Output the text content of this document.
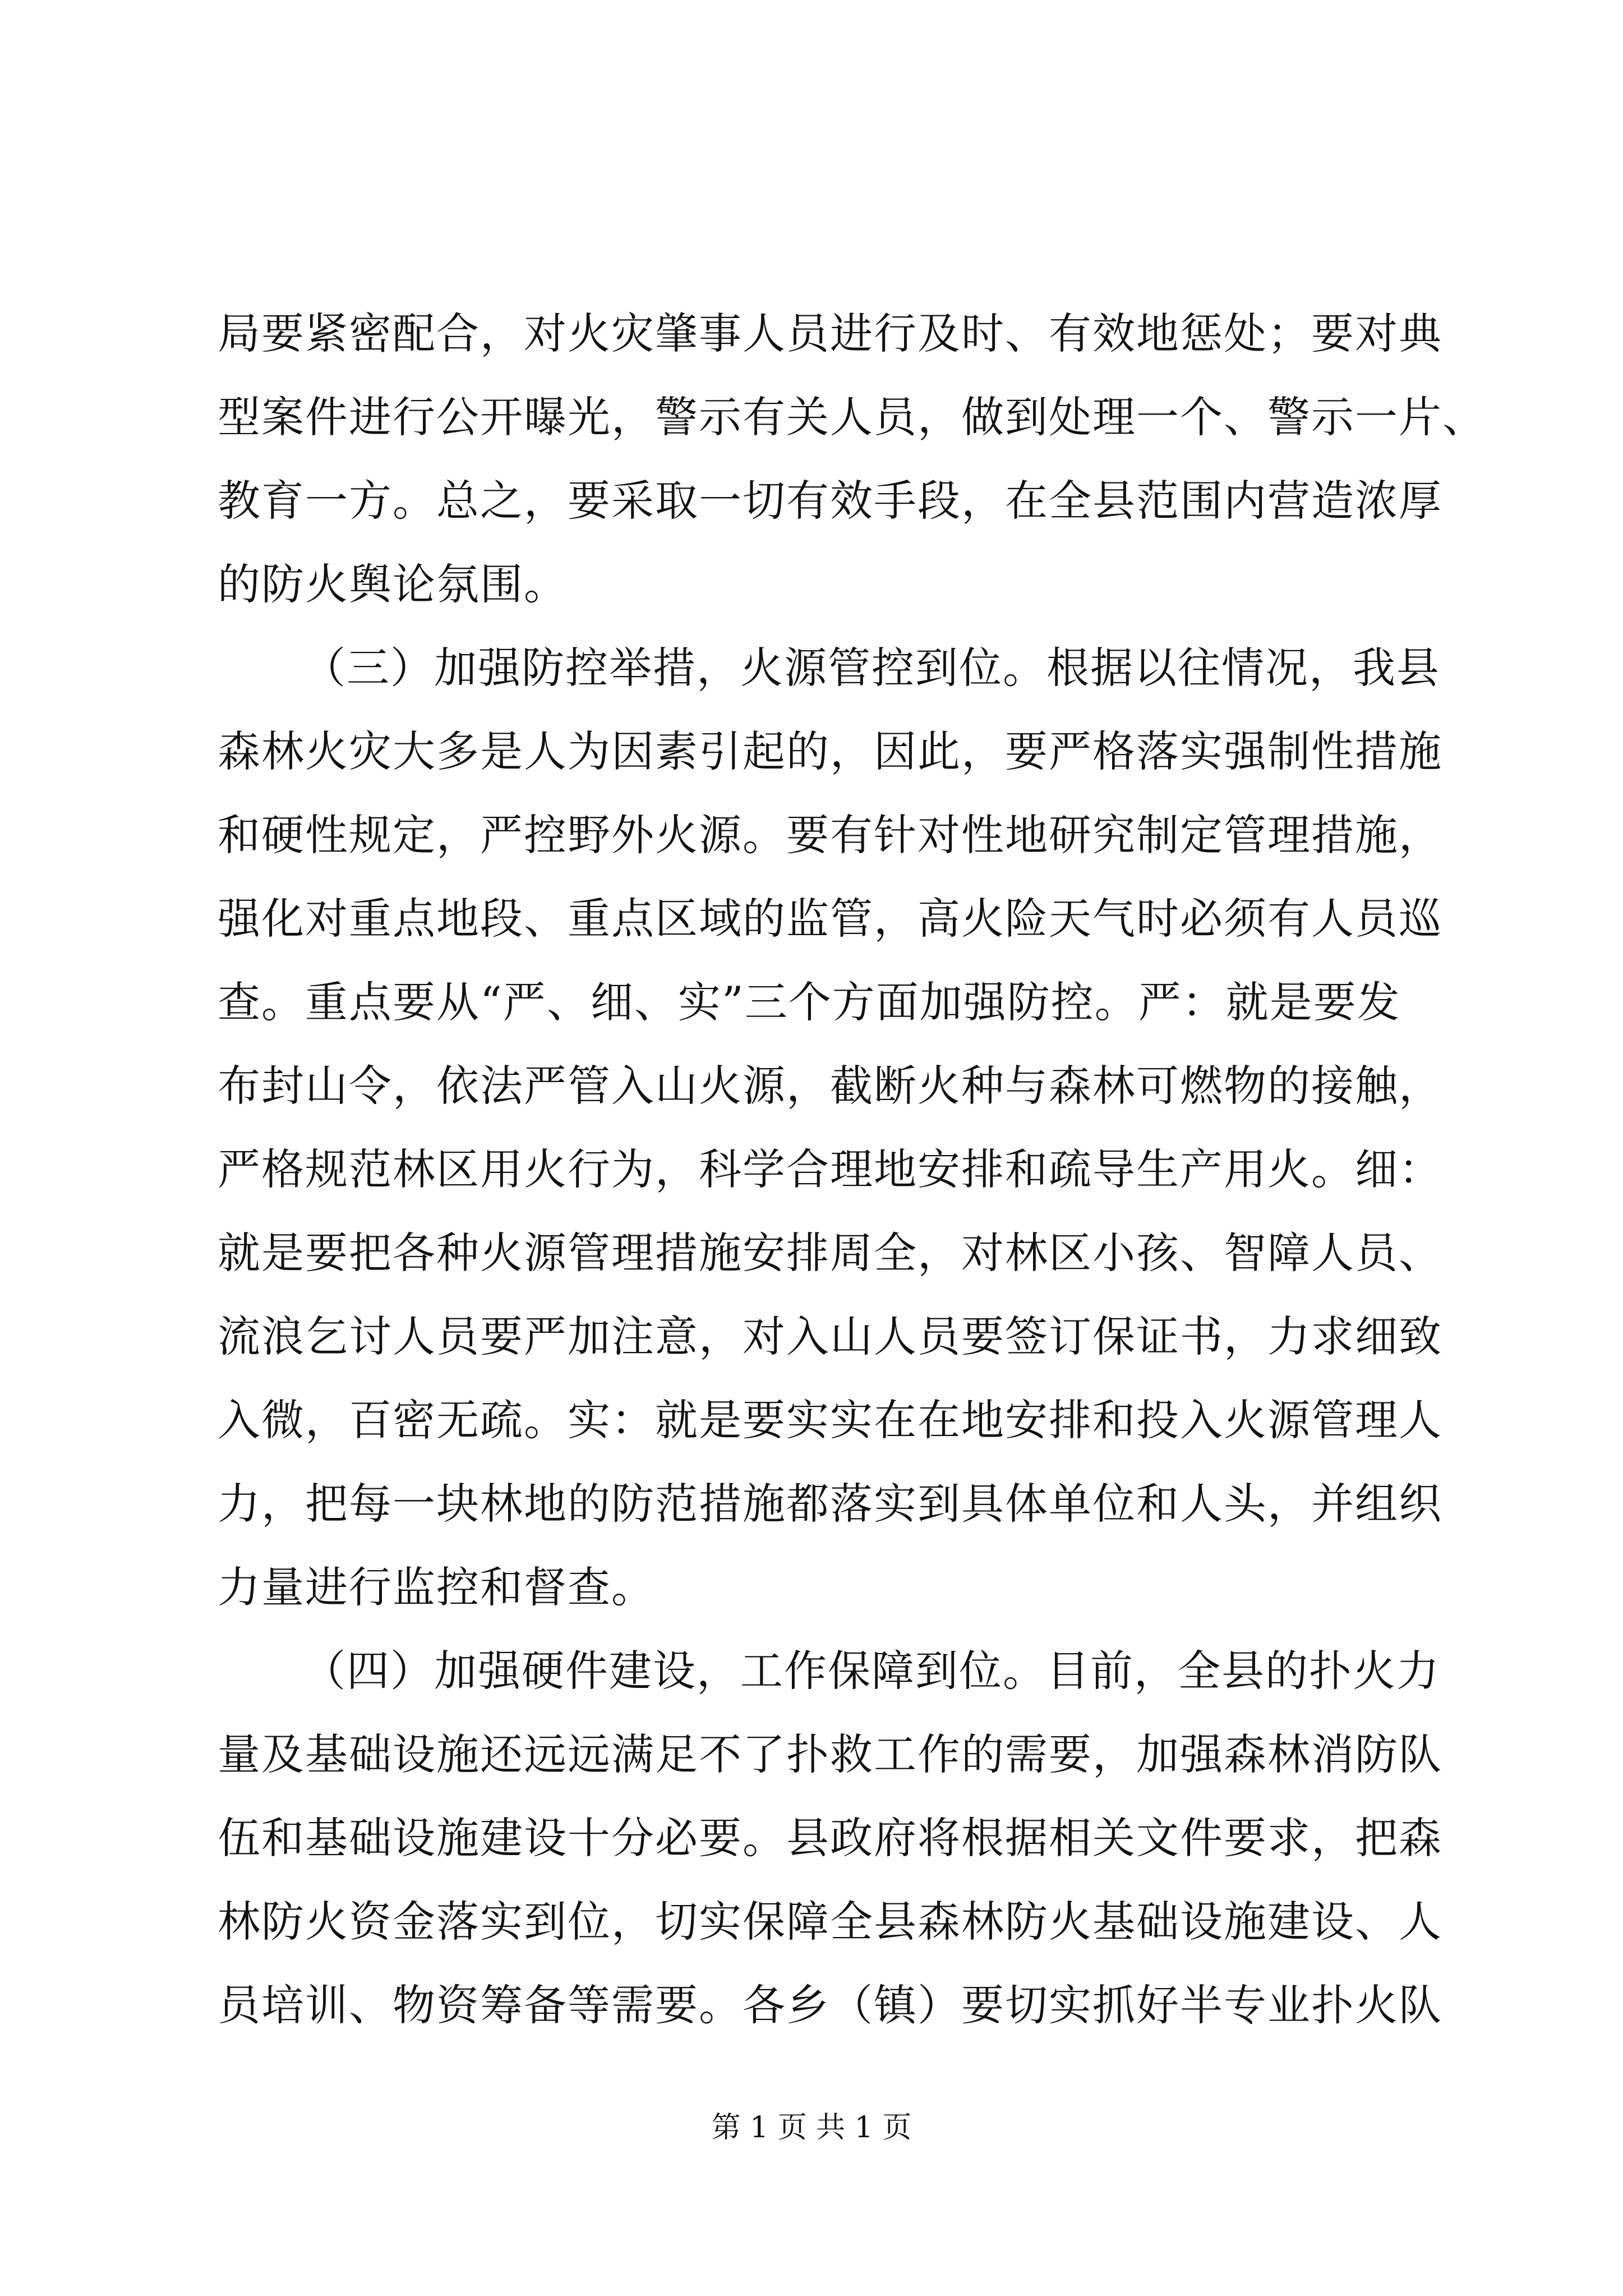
局要紧密配合，对火灾肇事人员进行及时、有效地惩处；要对典
型案件进行公开曝光，警示有关人员，做到处理一个、警示一片、
教育一方。总之，要采取一切有效手段，在全县范围内营造浓厚
的防火舆论氛围。
（三）加强防控举措，火源管控到位。根据以往情况，我县
森林火灾大多是人为因素引起的，因此，要严格落实强制性措施
和硬性规定，严控野外火源。要有针对性地研究制定管理措施，
强化对重点地段、重点区域的监管，高火险天气时必须有人员巡
查。重点要从“严、细、实”三个方面加强防控。严：就是要发
布封山令，依法严管入山火源，截断火种与森林可燃物的接触，
严格规范林区用火行为，科学合理地安排和疏导生产用火。细：
就是要把各种火源管理措施安排周全，对林区小孩、智障人员、
流浪乞讨人员要严加注意，对入山人员要签订保证书，力求细致
入微，百密无疏。实：就是要实实在在地安排和投入火源管理人
力，把每一块林地的防范措施都落实到具体单位和人头，并组织
力量进行监控和督查。
（四）加强硬件建设，工作保障到位。目前，全县的扑火力
量及基础设施还远远满足不了扑救工作的需要，加强森林消防队
伍和基础设施建设十分必要。县政府将根据相关文件要求，把森
林防火资金落实到位，切实保障全县森林防火基础设施建设、人
员培训、物资筹备等需要。各乡（镇）要切实抓好半专业扑火队
第 1 页 共 1 页
